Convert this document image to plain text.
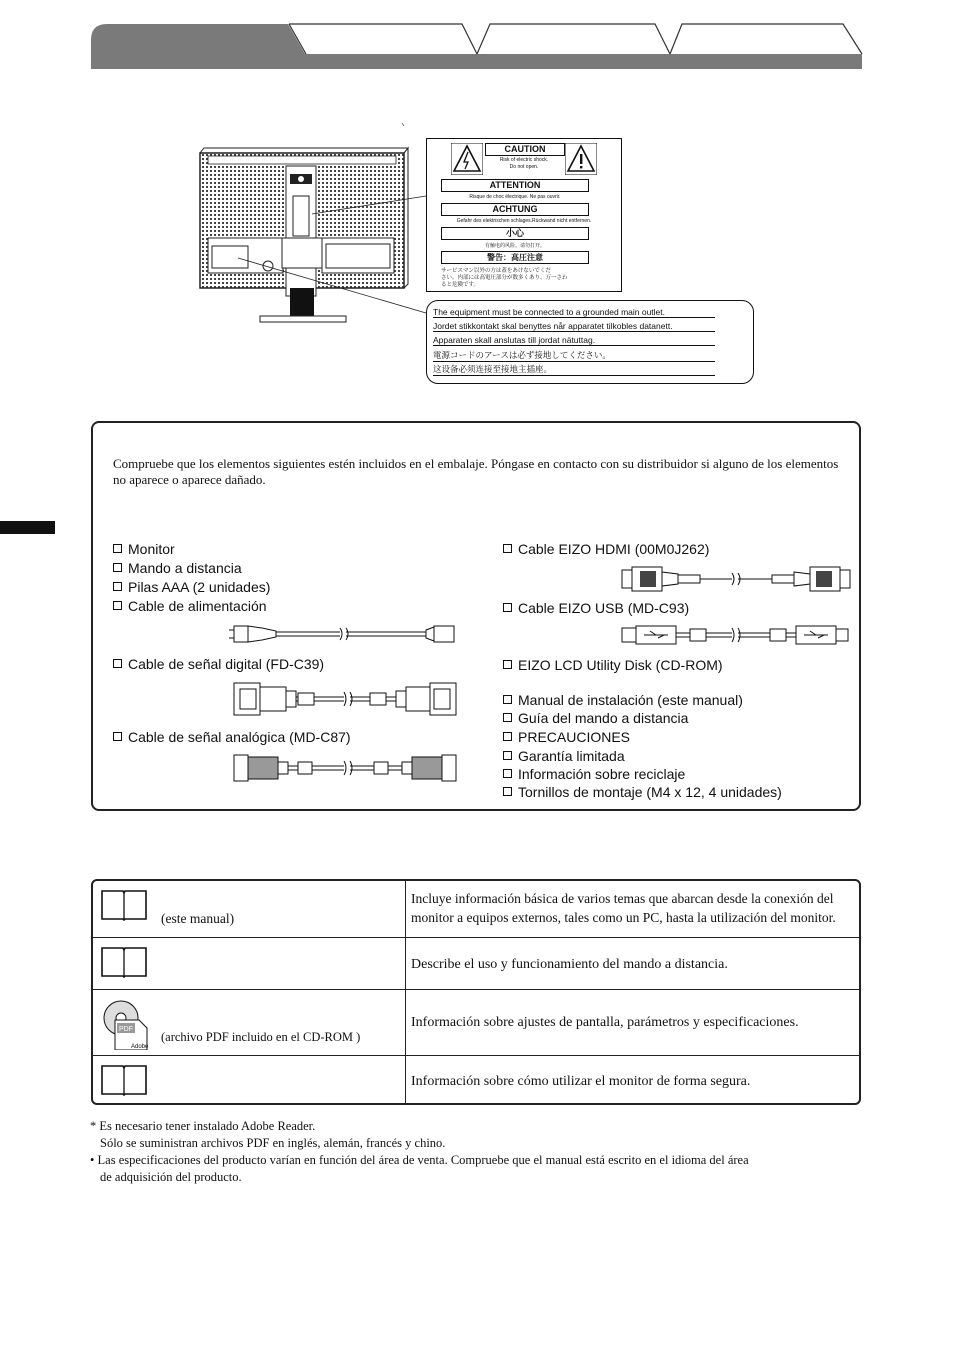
CAUTION
Risk of electric shock.
Do not open.
ATTENTION
Risque de choc électrique. Ne pas ouvrir.
ACHTUNG
Gefahr des elektrischen schlages.Rückwand nicht entfernen.
小心
有触电的风险。请勿打开。
警告：高圧注意
サービスマン以外の方は蓋をあけないでくだ
さい。内部には高電圧部分が数多くあり、万一さわ
ると危険です。
The equipment must be connected to a grounded main outlet.
Jordet stikkontakt skal benyttes når apparatet tilkobles datanett.
Apparaten skall anslutas till jordat nätuttag.
電源コードのアースは必ず接地してください。
这设备必须连接至接地主插座。
Compruebe que los elementos siguientes estén incluidos en el embalaje. Póngase en contacto con su distribuidor si alguno de los elementos no aparece o aparece dañado.
Monitor
Mando a distancia
Pilas AAA (2 unidades)
Cable de alimentación
Cable de señal digital (FD-C39)
Cable de señal analógica (MD-C87)
Cable EIZO HDMI (00M0J262)
Cable EIZO USB (MD-C93)
EIZO LCD Utility Disk (CD-ROM)
Manual de instalación (este manual)
Guía del mando a distancia
PRECAUCIONES
Garantía limitada
Información sobre reciclaje
Tornillos de montaje (M4 x 12, 4 unidades)
(este manual)
Incluye información básica de varios temas que abarcan desde la conexión del monitor a equipos externos, tales como un PC, hasta la utilización del monitor.
Describe el uso y funcionamiento del mando a distancia.
PDF
Adobe
(archivo PDF incluido en el CD-ROM )
Información sobre ajustes de pantalla, parámetros y especificaciones.
Información sobre cómo utilizar el monitor de forma segura.
* Es necesario tener instalado Adobe Reader.
Sólo se suministran archivos PDF en inglés, alemán, francés y chino.
• Las especificaciones del producto varían en función del área de venta. Compruebe que el manual está escrito en el idioma del área
de adquisición del producto.
